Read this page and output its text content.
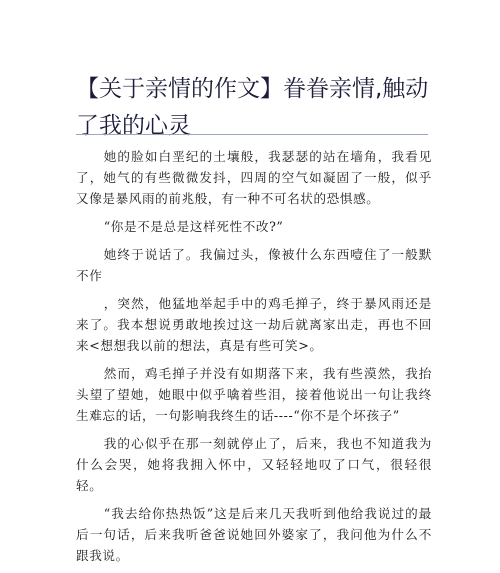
【关于亲情的作文】眷眷亲情,触动了我的心灵

她的脸如白垩纪的土壤般，我瑟瑟的站在墙角，我看见了，她气的有些微微发抖，四周的空气如凝固了一般，似乎又像是暴风雨的前兆般，有一种不可名状的恐惧感。

“你是不是总是这样死性不改?”

她终于说话了。我偏过头，像被什么东西噎住了一般默不作

，突然，他猛地举起手中的鸡毛掸子，终于暴风雨还是来了。我本想说勇敢地挨过这一劫后就离家出走，再也不回来<想想我以前的想法，真是有些可笑>。

然而，鸡毛掸子并没有如期落下来，我有些漠然，我抬头望了望她，她眼中似乎噙着些泪，接着他说出一句让我终生难忘的话，一句影响我终生的话----“你不是个坏孩子”

我的心似乎在那一刻就停止了，后来，我也不知道我为什么会哭，她将我拥入怀中，又轻轻地叹了口气，很轻很轻。

“我去给你热热饭”这是后来几天我听到他给我说过的最后一句话，后来我听爸爸说她回外婆家了，我问他为什么不跟我说。
